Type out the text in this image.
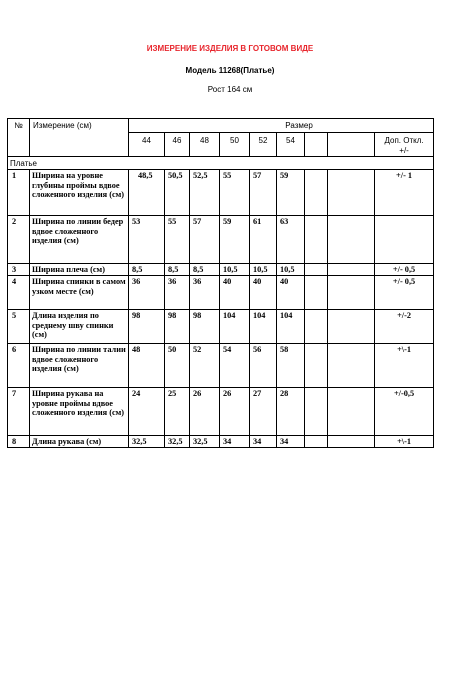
ИЗМЕРЕНИЕ ИЗДЕЛИЯ В ГОТОВОМ ВИДЕ
Модель 11268(Платье)
Рост 164 см
№	Измерение (см)	Размер								
		44	46	48	50	52	54			Доп. Откл. +/-
Платье										
1	Ширина на уровне глубины проймы вдвое сложенного изделия (см)	48,5	50,5	52,5	55	57	59			+/- 1
2	Ширина по линии бедер вдвое сложенного изделия (см)	53	55	57	59	61	63			
3	Ширина плеча (см)	8,5	8,5	8,5	10,5	10,5	10,5			+/- 0,5
4	Ширина спинки в самом узком месте (см)	36	36	36	40	40	40			+/- 0,5
5	Длина изделия по среднему шву спинки (см)	98	98	98	104	104	104			+/-2
6	Ширина по линии талии вдвое сложенного изделия (см)	48	50	52	54	56	58			+\-1
7	Ширина рукава на уровне проймы вдвое сложенного изделия (см)	24	25	26	26	27	28			+/-0,5
8	Длина рукава (см)	32,5	32,5	32,5	34	34	34			+\-1
